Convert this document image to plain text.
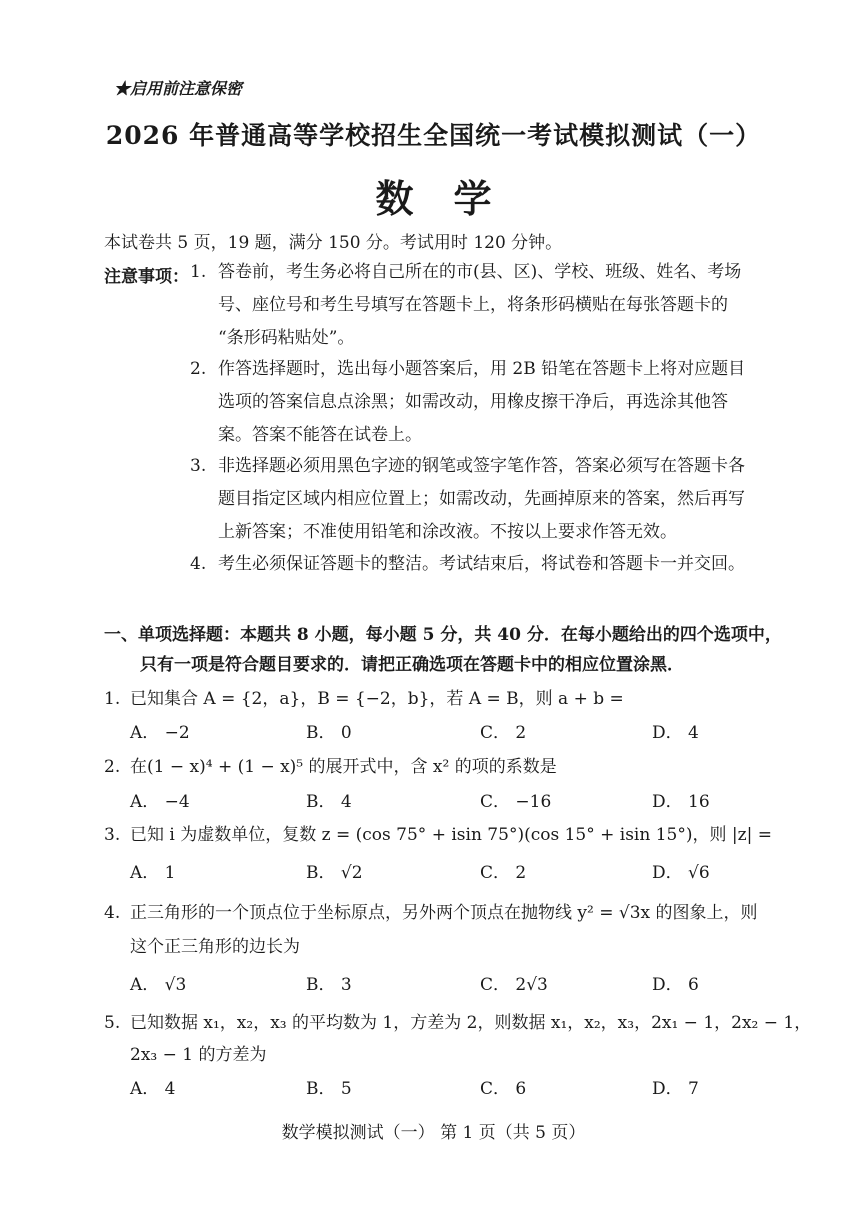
★启用前注意保密
2026 年普通高等学校招生全国统一考试模拟测试（一）
数学
本试卷共 5 页，19 题，满分 150 分。考试用时 120 分钟。
注意事项： 1. 答卷前，考生务必将自己所在的市(县、区)、学校、班级、姓名、考场
号、座位号和考生号填写在答题卡上，将条形码横贴在每张答题卡的
“条形码粘贴处”。
2. 作答选择题时，选出每小题答案后，用 2B 铅笔在答题卡上将对应题目
选项的答案信息点涂黑；如需改动，用橡皮擦干净后，再选涂其他答
案。答案不能答在试卷上。
3. 非选择题必须用黑色字迹的钢笔或签字笔作答，答案必须写在答题卡各
题目指定区域内相应位置上；如需改动，先画掉原来的答案，然后再写
上新答案；不准使用铅笔和涂改液。不按以上要求作答无效。
4. 考生必须保证答题卡的整洁。考试结束后，将试卷和答题卡一并交回。
一、单项选择题：本题共 8 小题，每小题 5 分，共 40 分．在每小题给出的四个选项中，
只有一项是符合题目要求的．请把正确选项在答题卡中的相应位置涂黑．
1. 已知集合 A = {2，a}，B = {−2，b}，若 A = B，则 a + b =
A． −2	B． 0	C． 2	D． 4
2. 在(1 − x)⁴ + (1 − x)⁵ 的展开式中，含 x² 的项的系数是
A． −4	B． 4	C． −16	D． 16
3. 已知 i 为虚数单位，复数 z = (cos 75° + isin 75°)(cos 15° + isin 15°)，则 |z| =
A． 1	B． √2	C． 2	D． √6
4. 正三角形的一个顶点位于坐标原点，另外两个顶点在抛物线 y² = √3x 的图象上，则
这个正三角形的边长为
A． √3	B． 3	C． 2√3	D． 6
5. 已知数据 x₁，x₂，x₃ 的平均数为 1，方差为 2，则数据 x₁，x₂，x₃，2x₁ − 1，2x₂ − 1，
2x₃ − 1 的方差为
A． 4	B． 5	C． 6	D． 7
数学模拟测试（一） 第 1 页（共 5 页）
